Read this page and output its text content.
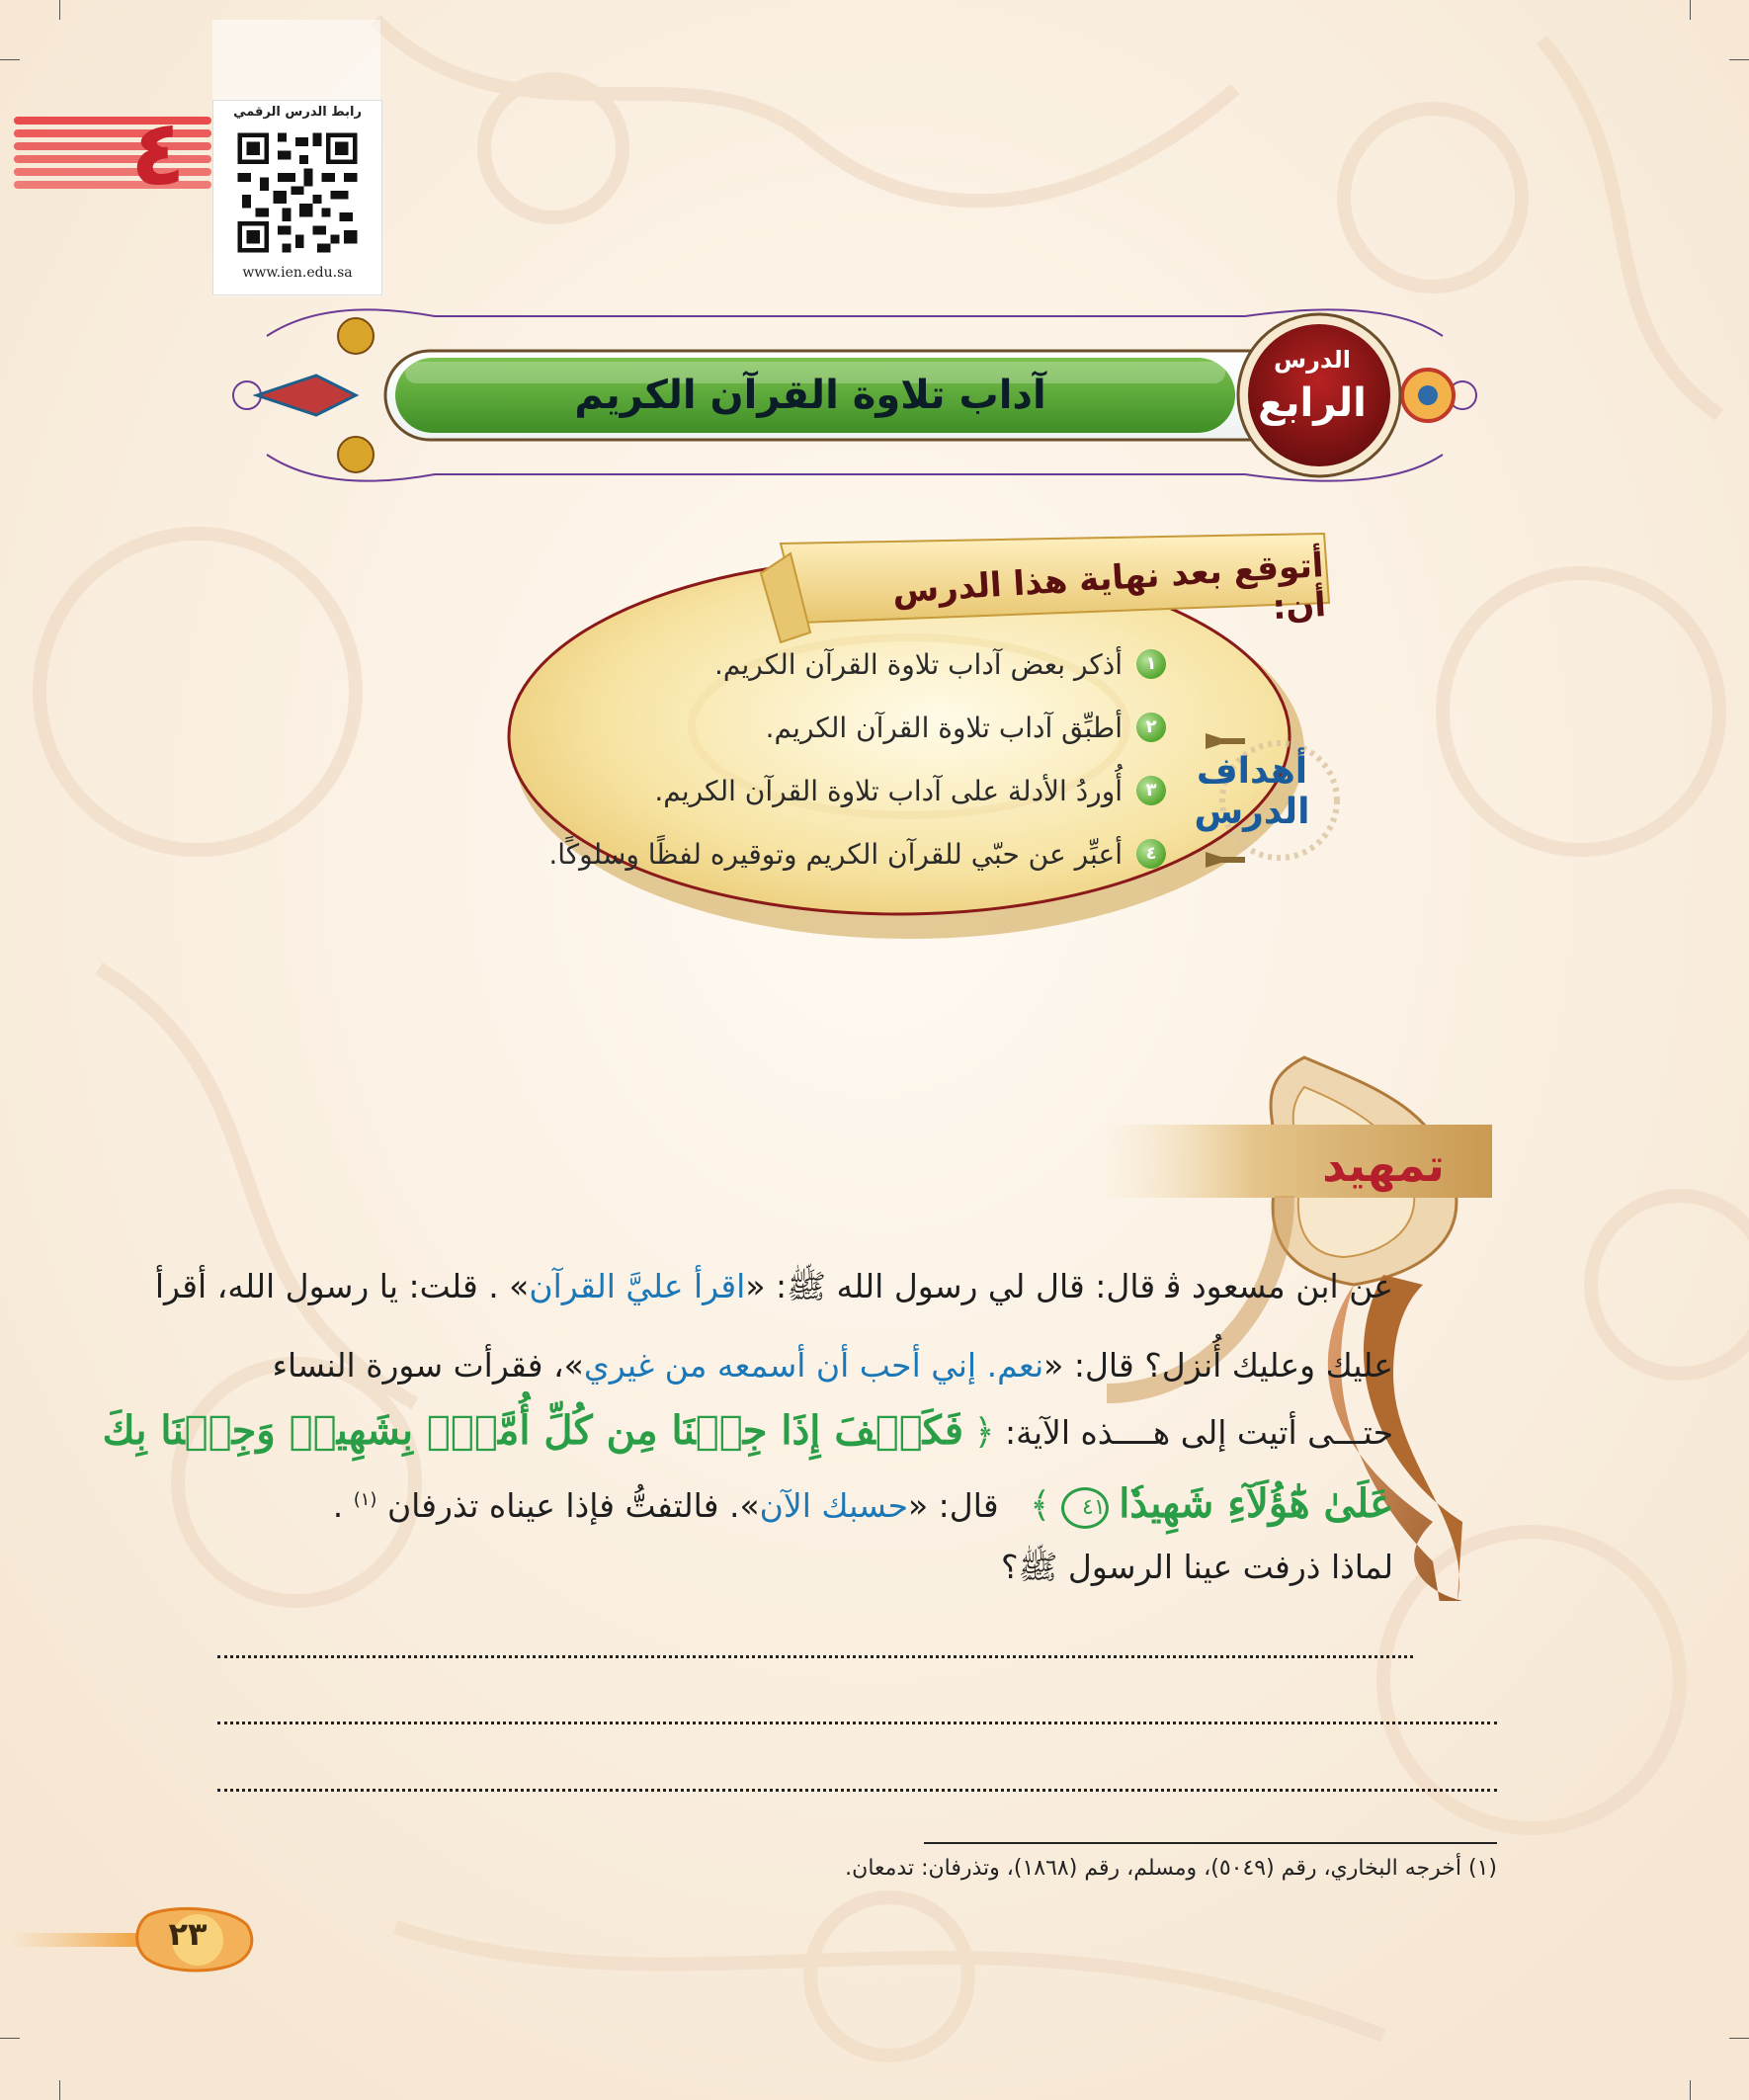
٤	رابط الدرس الرقمي
www.ien.edu.sa
آداب تلاوة القرآن الكريم
الدرس
الرابع
أتوقع بعد نهاية هذا الدرس أن:
١
أذكر بعض آداب تلاوة القرآن الكريم.
٢
أطبِّق آداب تلاوة القرآن الكريم.
٣
أُوردُ الأدلة على آداب تلاوة القرآن الكريم.
٤
أعبِّر عن حبّي للقرآن الكريم وتوقيره لفظًا وسلوكًا.
أهداف الدرس
تمهيد
عن ابن مسعود ﭬ قال: قال لي رسول الله ﷺ: «اقرأ عليَّ القرآن» . قلت: يا رسول الله، أقرأ
عليك وعليك أُنزل؟ قال: «نعم. إني أحب أن أسمعه من غيري»، فقرأت سورة النساء
حتـــى أتيت إلى هــــذه الآية: ﴿ فَكَيۡفَ إِذَا جِئۡنَا مِن كُلِّ أُمَّةِۭ بِشَهِيدٖ وَجِئۡنَا بِكَ
عَلَىٰ هَٰٓؤُلَآءِ شَهِيدٗا ٤١ ﴾   قال: «حسبك الآن». فالتفتُّ فإذا عيناه تذرفان $^{(١)}$ .
لماذا ذرفت عينا الرسول ﷺ؟
(١) أخرجه البخاري، رقم (٥٠٤٩)، ومسلم، رقم (١٨٦٨)، وتذرفان: تدمعان.
٢٣
